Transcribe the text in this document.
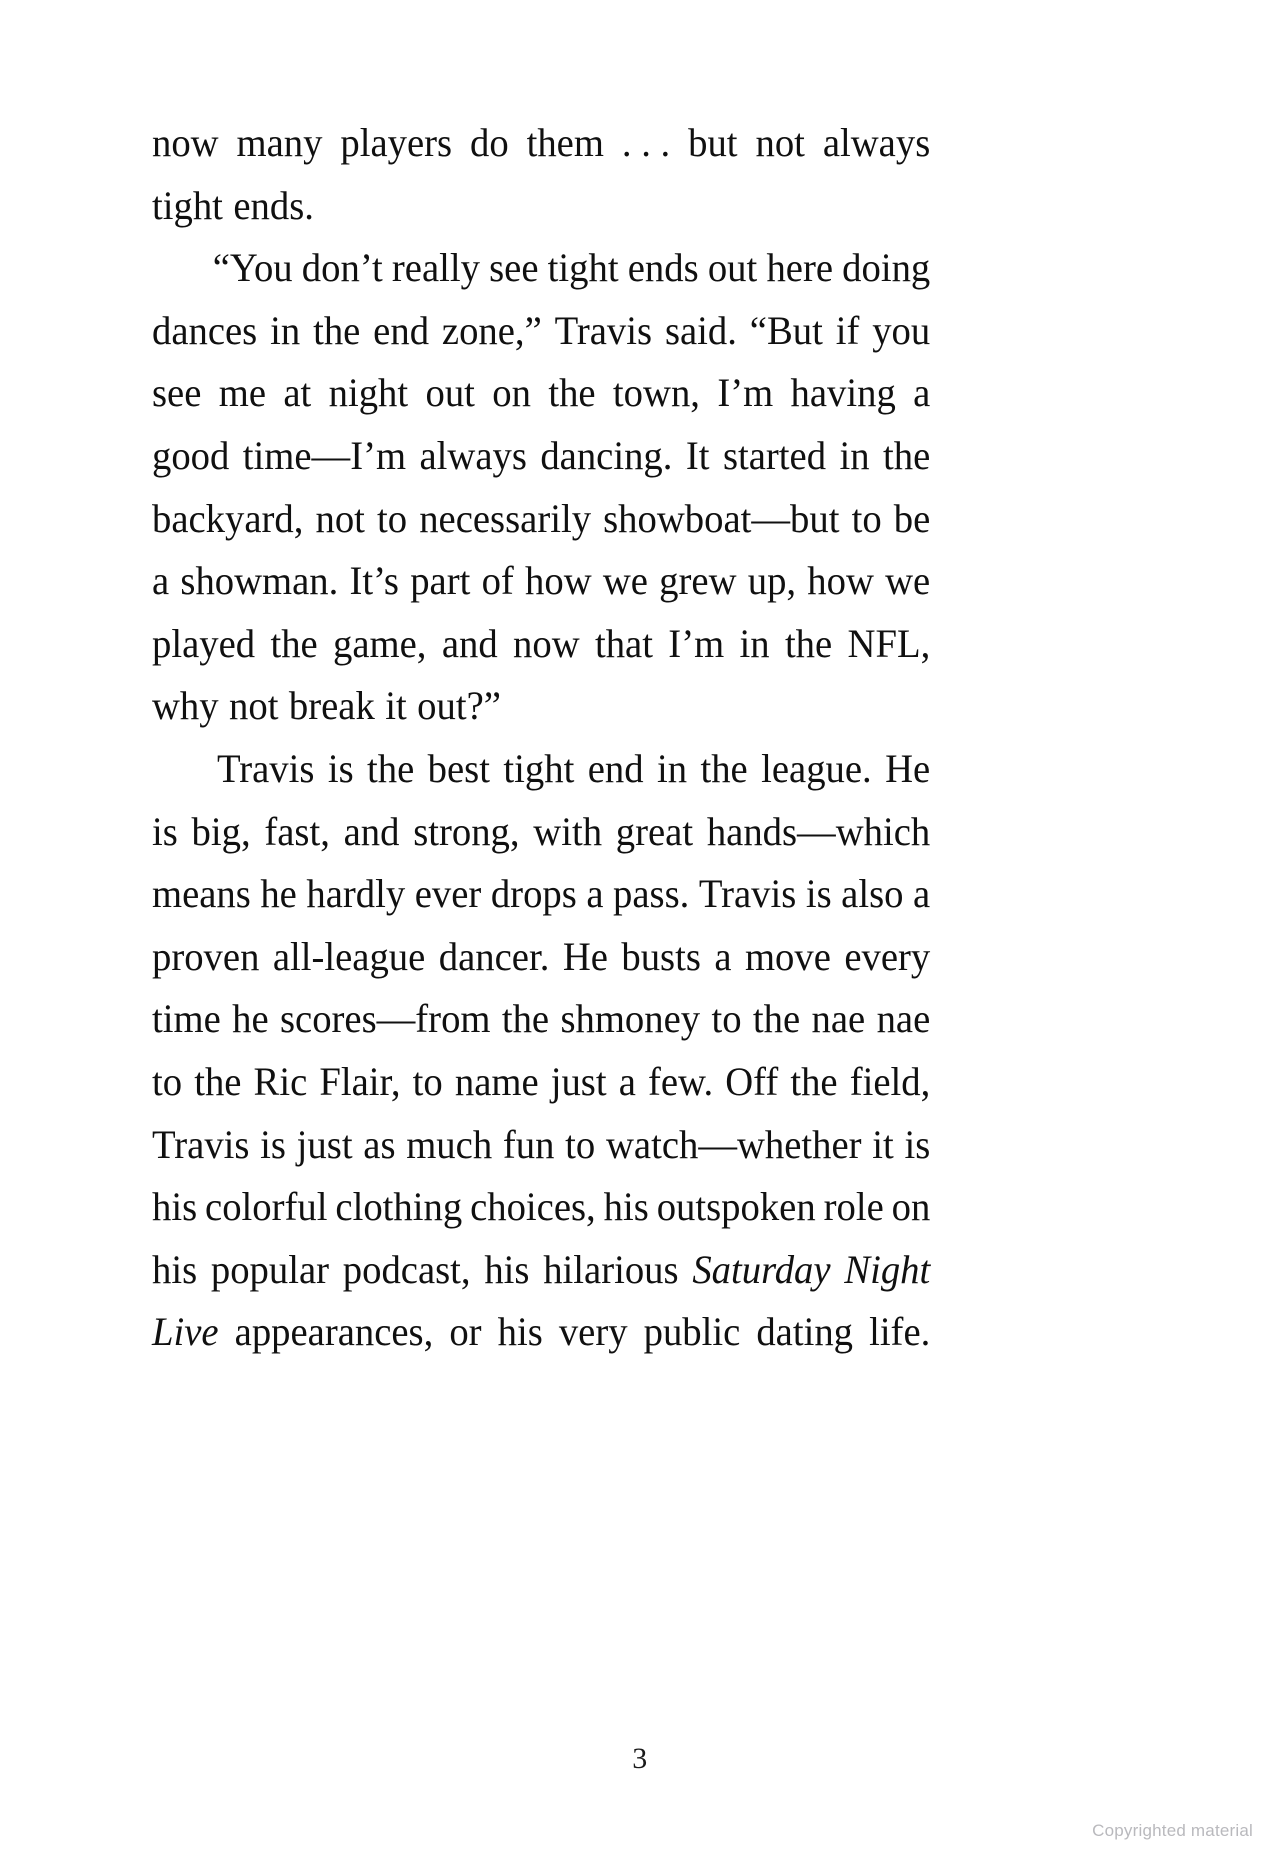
now many players do them . . . but not always
tight ends.
“You don’t really see tight ends out here doing
dances in the end zone,” Travis said. “But if you
see me at night out on the town, I’m having a
good time—I’m always dancing. It started in the
backyard, not to necessarily showboat—but to be
a showman. It’s part of how we grew up, how we
played the game, and now that I’m in the NFL,
why not break it out?”
Travis is the best tight end in the league. He
is big, fast, and strong, with great hands—which
means he hardly ever drops a pass. Travis is also a
proven all-league dancer. He busts a move every
time he scores—from the shmoney to the nae nae
to the Ric Flair, to name just a few. Off the field,
Travis is just as much fun to watch—whether it is
his colorful clothing choices, his outspoken role on
his popular podcast, his hilarious Saturday Night
Live appearances, or his very public dating life.
3
Copyrighted material
